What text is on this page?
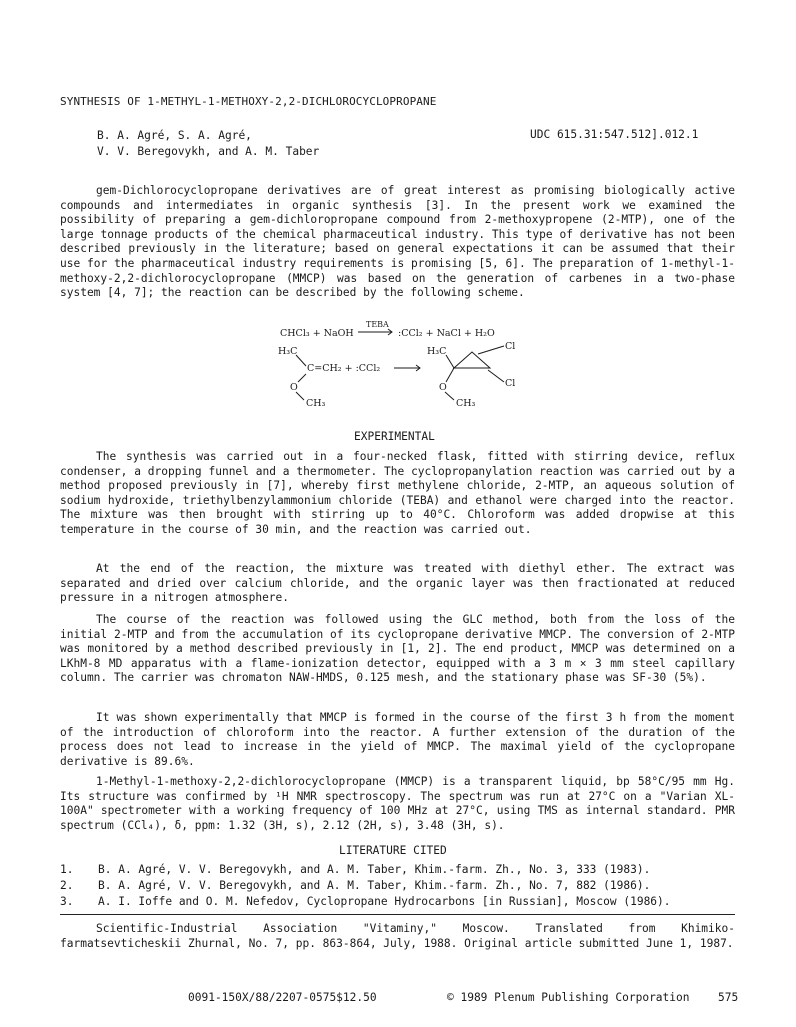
SYNTHESIS OF 1-METHYL-1-METHOXY-2,2-DICHLOROCYCLOPROPANE
B. A. Agré, S. A. Agré,
V. V. Beregovykh, and A. M. Taber
UDC 615.31:547.512].012.1

gem-Dichlorocyclopropane derivatives are of great interest as promising biologically active compounds and intermediates in organic synthesis [3]. In the present work we examined the possibility of preparing a gem-dichloropropane compound from 2-methoxypropene (2-MTP), one of the large tonnage products of the chemical pharmaceutical industry. This type of derivative has not been described previously in the literature; based on general expectations it can be assumed that their use for the pharmaceutical industry requirements is promising [5, 6]. The preparation of 1-methyl-1-methoxy-2,2-dichlorocyclopropane (MMCP) was based on the generation of carbenes in a two-phase system [4, 7]; the reaction can be described by the following scheme.

CHCl₃ + NaOH
TEBA
:CCl₂ + NaCl + H₂O
H₃C
C=CH₂ + :CCl₂
O
CH₃
H₃C	Cl
Cl
O
CH₃
EXPERIMENTAL

The synthesis was carried out in a four-necked flask, fitted with stirring device, reflux condenser, a dropping funnel and a thermometer. The cyclopropanylation reaction was carried out by a method proposed previously in [7], whereby first methylene chloride, 2-MTP, an aqueous solution of sodium hydroxide, triethylbenzylammonium chloride (TEBA) and ethanol were charged into the reactor. The mixture was then brought with stirring up to 40°C. Chloroform was added dropwise at this temperature in the course of 30 min, and the reaction was carried out.

At the end of the reaction, the mixture was treated with diethyl ether. The extract was separated and dried over calcium chloride, and the organic layer was then fractionated at reduced pressure in a nitrogen atmosphere.

The course of the reaction was followed using the GLC method, both from the loss of the initial 2-MTP and from the accumulation of its cyclopropane derivative MMCP. The conversion of 2-MTP was monitored by a method described previously in [1, 2]. The end product, MMCP was determined on a LKhM-8 MD apparatus with a flame-ionization detector, equipped with a 3 m × 3 mm steel capillary column. The carrier was chromaton NAW-HMDS, 0.125 mesh, and the stationary phase was SF-30 (5%).

It was shown experimentally that MMCP is formed in the course of the first 3 h from the moment of the introduction of chloroform into the reactor. A further extension of the duration of the process does not lead to increase in the yield of MMCP. The maximal yield of the cyclopropane derivative is 89.6%.

1-Methyl-1-methoxy-2,2-dichlorocyclopropane (MMCP) is a transparent liquid, bp 58°C/95 mm Hg. Its structure was confirmed by ¹H NMR spectroscopy. The spectrum was run at 27°C on a "Varian XL-100A" spectrometer with a working frequency of 100 MHz at 27°C, using TMS as internal standard. PMR spectrum (CCl₄), δ, ppm: 1.32 (3H, s), 2.12 (2H, s), 3.48 (3H, s).

LITERATURE CITED
1.	B. A. Agré, V. V. Beregovykh, and A. M. Taber, Khim.-farm. Zh., No. 3, 333 (1983).
2.	B. A. Agré, V. V. Beregovykh, and A. M. Taber, Khim.-farm. Zh., No. 7, 882 (1986).
3.	A. I. Ioffe and O. M. Nefedov, Cyclopropane Hydrocarbons [in Russian], Moscow (1986).

Scientific-Industrial Association "Vitaminy," Moscow. Translated from Khimiko-farmatsevticheskii Zhurnal, No. 7, pp. 863-864, July, 1988. Original article submitted June 1, 1987.

0091-150X/88/2207-0575$12.50	© 1989 Plenum Publishing Corporation	575
